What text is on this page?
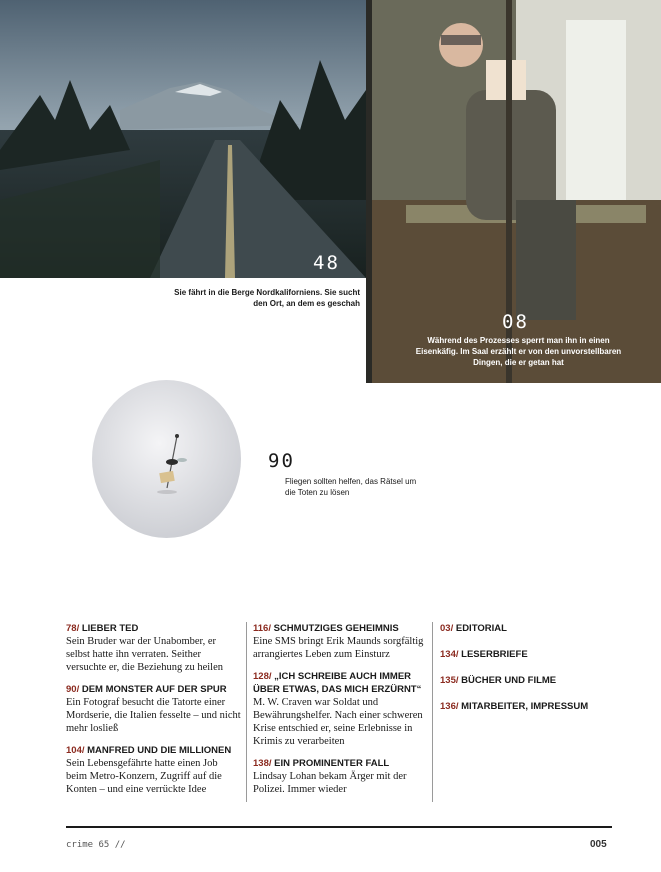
48
08
Während des Prozesses sperrt man ihn in einen Eisenkäfig. Im Saal erzählt er von den unvorstellbaren Dingen, die er getan hat
Sie fährt in die Berge Nordkaliforniens. Sie sucht den Ort, an dem es geschah
90
Fliegen sollten helfen, das Rätsel um die Toten zu lösen
78/ LIEBER TED
Sein Bruder war der Unabomber, er selbst hatte ihn verraten. Seither versuchte er, die Beziehung zu heilen
90/ DEM MONSTER AUF DER SPUR
Ein Fotograf besucht die Tatorte einer Mordserie, die Italien fesselte – und nicht mehr losließ
104/ MANFRED UND DIE MILLIONEN
Sein Lebensgefährte hatte einen Job beim Metro-Konzern, Zugriff auf die Konten – und eine verrückte Idee
116/ SCHMUTZIGES GEHEIMNIS
Eine SMS bringt Erik Maunds sorgfältig arrangiertes Leben zum Einsturz
128/ „ICH SCHREIBE AUCH IMMER ÜBER ETWAS, DAS MICH ERZÜRNT“
M. W. Craven war Soldat und Bewährungshelfer. Nach einer schweren Krise entschied er, seine Erlebnisse in Krimis zu verarbeiten
138/ EIN PROMINENTER FALL
Lindsay Lohan bekam Ärger mit der Polizei. Immer wieder
03/ EDITORIAL
134/ LESERBRIEFE
135/ BÜCHER UND FILME
136/ MITARBEITER, IMPRESSUM
crime 65 //	005
